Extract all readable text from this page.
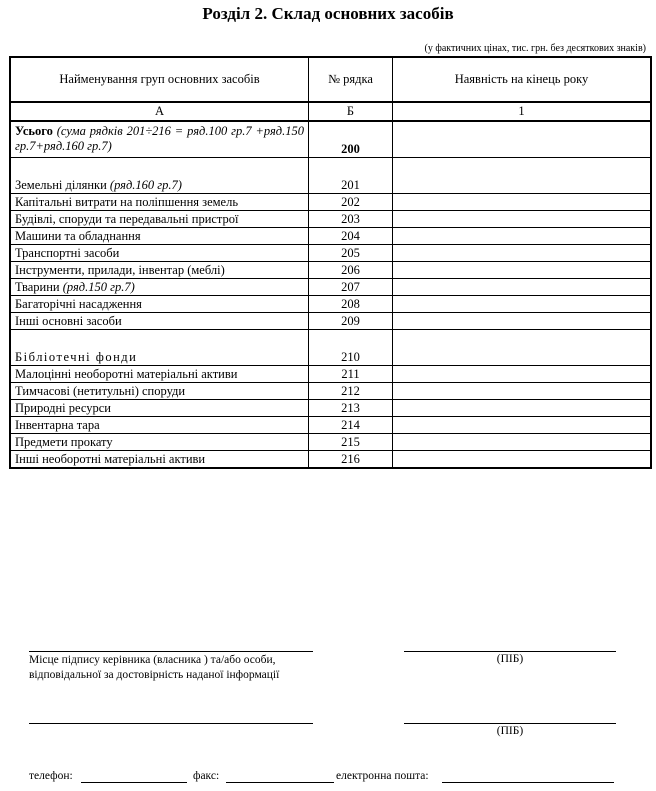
Розділ 2. Склад основних засобів
(у фактичних цінах, тис. грн. без десяткових знаків)
Найменування груп основних засобів	№ рядка	Наявність на кінець року
А	Б	1
Усього (сума рядків 201÷216 = ряд.100 гр.7 +ряд.150 гр.7+ряд.160 гр.7)	200	
Земельні ділянки (ряд.160 гр.7)	201	
Капітальні витрати на поліпшення земель	202	
Будівлі, споруди та передавальні пристрої	203	
Машини та обладнання	204	
Транспортні засоби	205	
Інструменти, прилади, інвентар (меблі)	206	
Тварини (ряд.150 гр.7)	207	
Багаторічні насадження	208	
Інші основні засоби	209	
Бібліотечні фонди	210	
Малоцінні необоротні матеріальні активи	211	
Тимчасові (нетитульні) споруди	212	
Природні ресурси	213	
Інвентарна тара	214	
Предмети прокату	215	
Інші необоротні матеріальні активи	216	
Місце підпису керівника (власника ) та/або особи,
відповідальної за достовірність наданої інформації
(ПІБ)
(ПІБ)
телефон:	факс:	електронна пошта:
